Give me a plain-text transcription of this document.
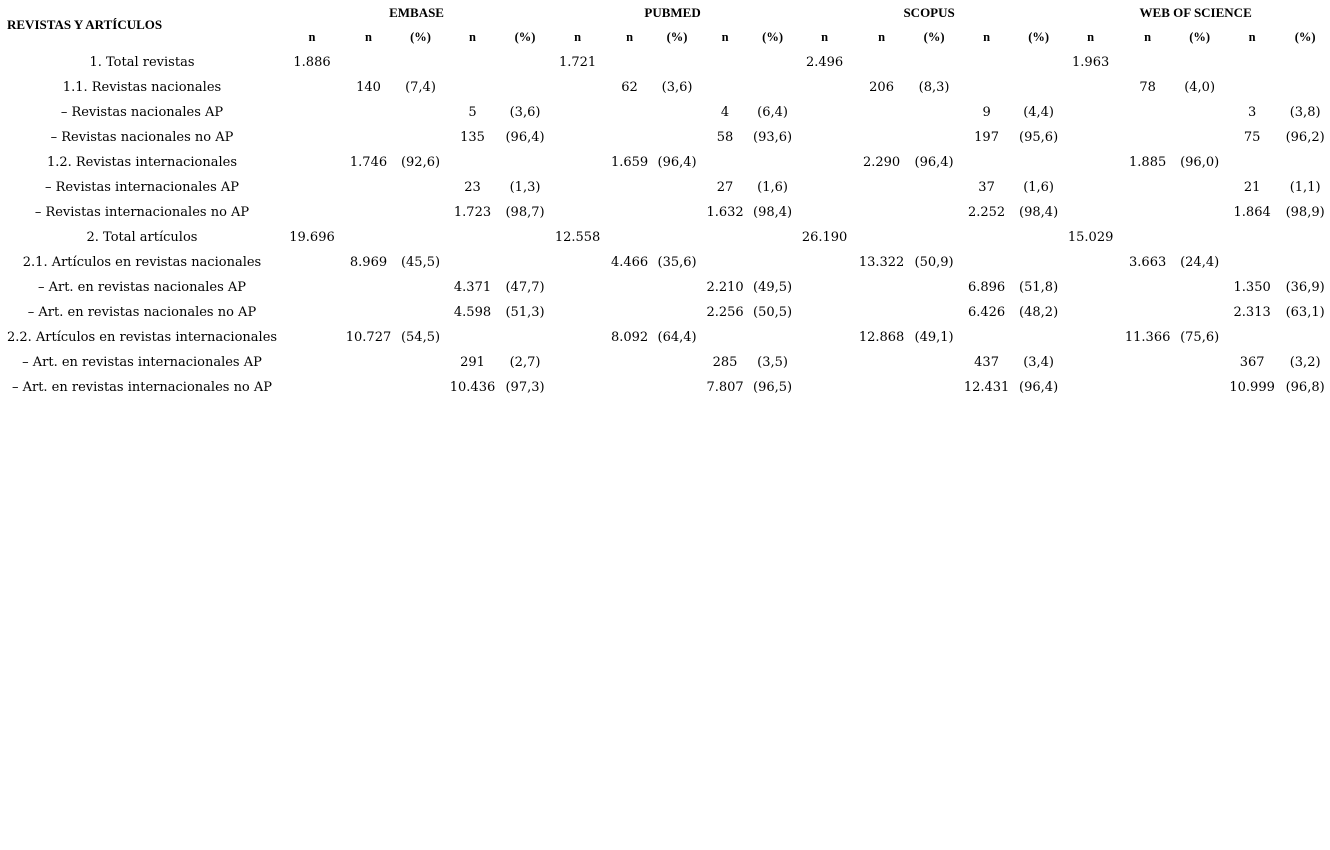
REVISTAS Y ARTÍCULOS	EMBASE					PUBMED					SCOPUS					WEB OF SCIENCE				
	n	n	(%)	n	(%)	n	n	(%)	n	(%)	n	n	(%)	n	(%)	n	n	(%)	n	(%)
1. Total revistas	1.886					1.721					2.496					1.963				
1.1. Revistas nacionales		140	(7,4)				62	(3,6)				206	(8,3)				78	(4,0)		
– Revistas nacionales AP				5	(3,6)				4	(6,4)				9	(4,4)				3	(3,8)
– Revistas nacionales no AP				135	(96,4)				58	(93,6)				197	(95,6)				75	(96,2)
1.2. Revistas internacionales		1.746	(92,6)				1.659	(96,4)				2.290	(96,4)				1.885	(96,0)		
– Revistas internacionales AP				23	(1,3)				27	(1,6)				37	(1,6)				21	(1,1)
– Revistas internacionales no AP				1.723	(98,7)				1.632	(98,4)				2.252	(98,4)				1.864	(98,9)
2. Total artículos	19.696					12.558					26.190					15.029				
2.1. Artículos en revistas nacionales		8.969	(45,5)				4.466	(35,6)				13.322	(50,9)				3.663	(24,4)		
– Art. en revistas nacionales AP				4.371	(47,7)				2.210	(49,5)				6.896	(51,8)				1.350	(36,9)
– Art. en revistas nacionales no AP				4.598	(51,3)				2.256	(50,5)				6.426	(48,2)				2.313	(63,1)
2.2. Artículos en revistas internacionales		10.727	(54,5)				8.092	(64,4)				12.868	(49,1)				11.366	(75,6)		
– Art. en revistas internacionales AP				291	(2,7)				285	(3,5)				437	(3,4)				367	(3,2)
– Art. en revistas internacionales no AP				10.436	(97,3)				7.807	(96,5)				12.431	(96,4)				10.999	(96,8)
